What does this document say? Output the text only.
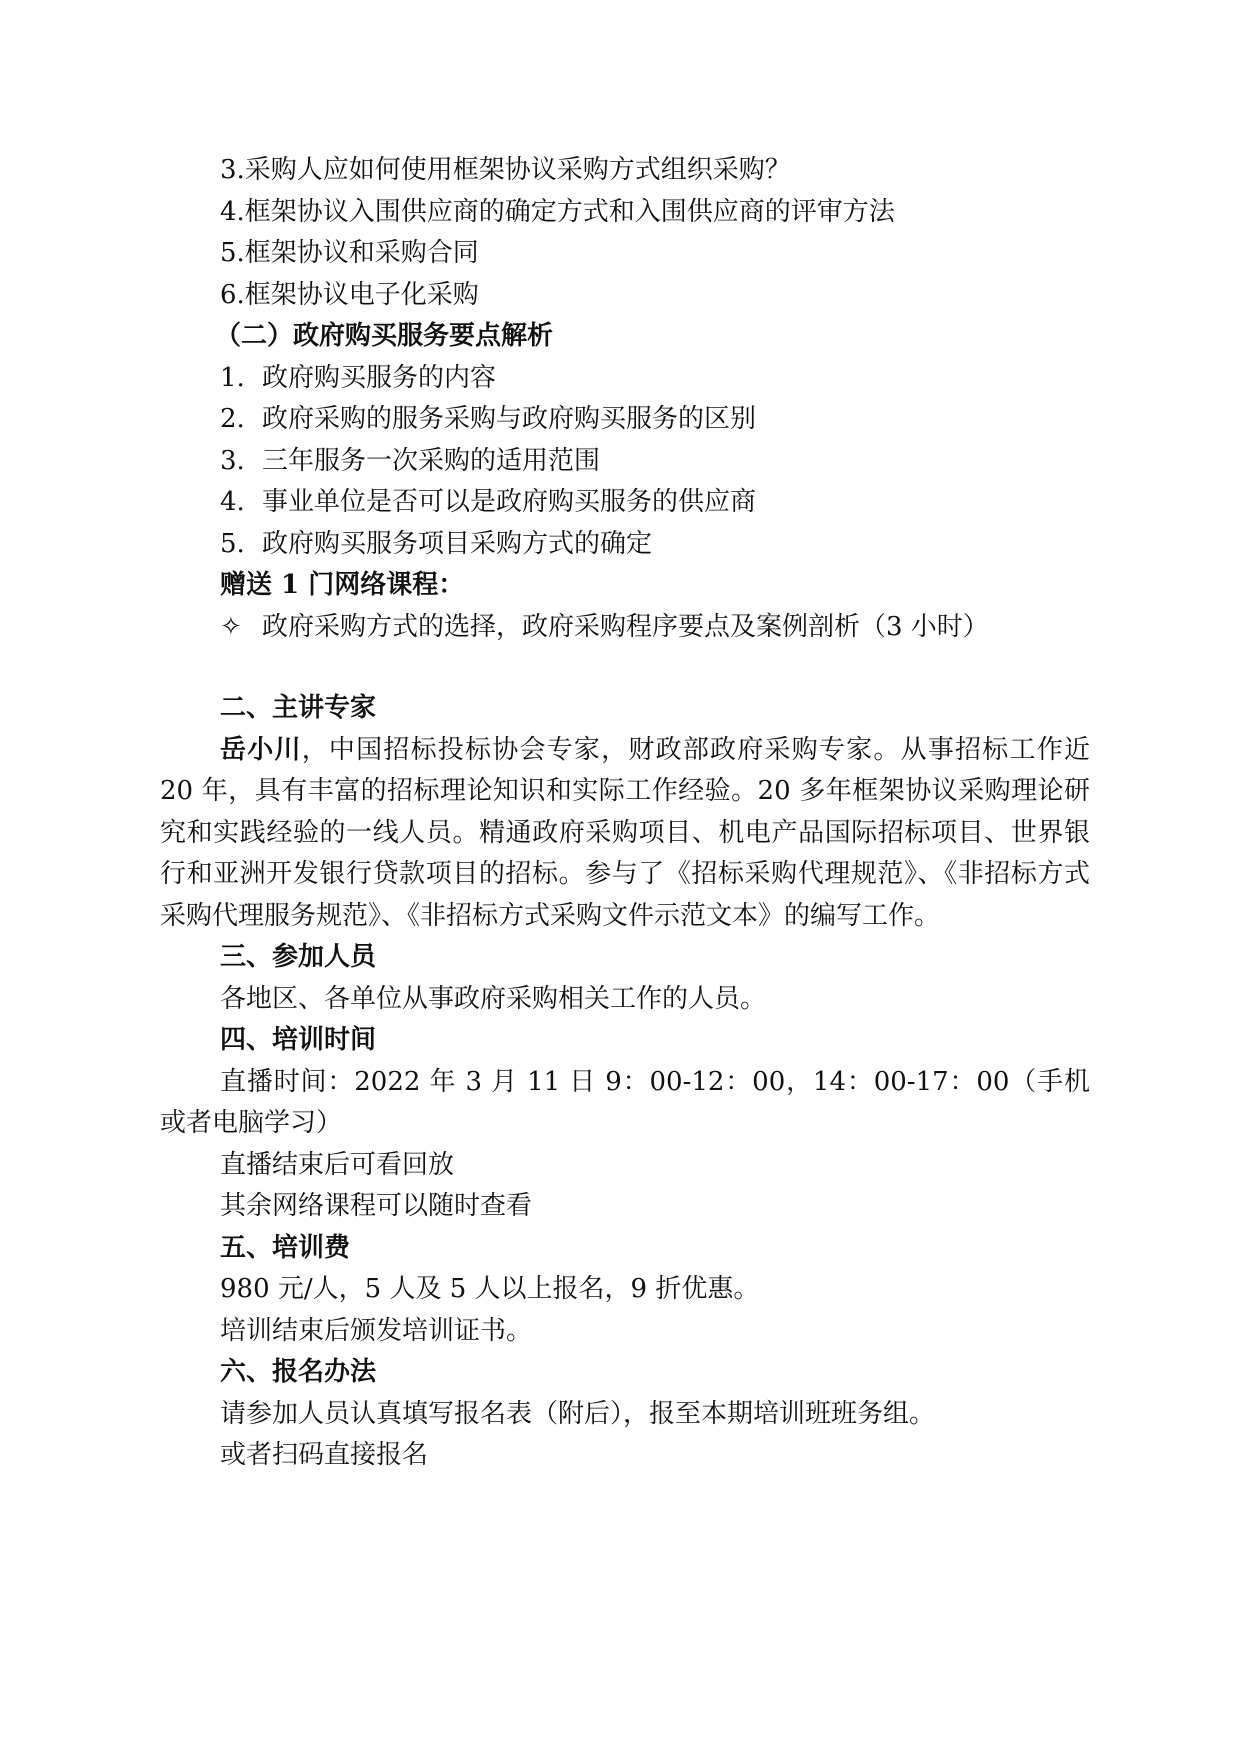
3.采购人应如何使用框架协议采购方式组织采购？
4.框架协议入围供应商的确定方式和入围供应商的评审方法
5.框架协议和采购合同
6.框架协议电子化采购
（二）政府购买服务要点解析
1. 政府购买服务的内容
2. 政府采购的服务采购与政府购买服务的区别
3. 三年服务一次采购的适用范围
4. 事业单位是否可以是政府购买服务的供应商
5. 政府购买服务项目采购方式的确定
赠送 1 门网络课程：
✧ 政府采购方式的选择，政府采购程序要点及案例剖析（3 小时）
二、主讲专家
岳小川，中国招标投标协会专家，财政部政府采购专家。从事招标工作近 20 年，具有丰富的招标理论知识和实际工作经验。20 多年框架协议采购理论研究和实践经验的一线人员。精通政府采购项目、机电产品国际招标项目、世界银行和亚洲开发银行贷款项目的招标。参与了《招标采购代理规范》、《非招标方式采购代理服务规范》、《非招标方式采购文件示范文本》的编写工作。
三、参加人员
各地区、各单位从事政府采购相关工作的人员。
四、培训时间
直播时间：2022 年 3 月 11 日 9：00-12：00，14：00-17：00（手机或者电脑学习）
直播结束后可看回放
其余网络课程可以随时查看
五、培训费
980 元/人，5 人及 5 人以上报名，9 折优惠。
培训结束后颁发培训证书。
六、报名办法
请参加人员认真填写报名表（附后），报至本期培训班班务组。
或者扫码直接报名
